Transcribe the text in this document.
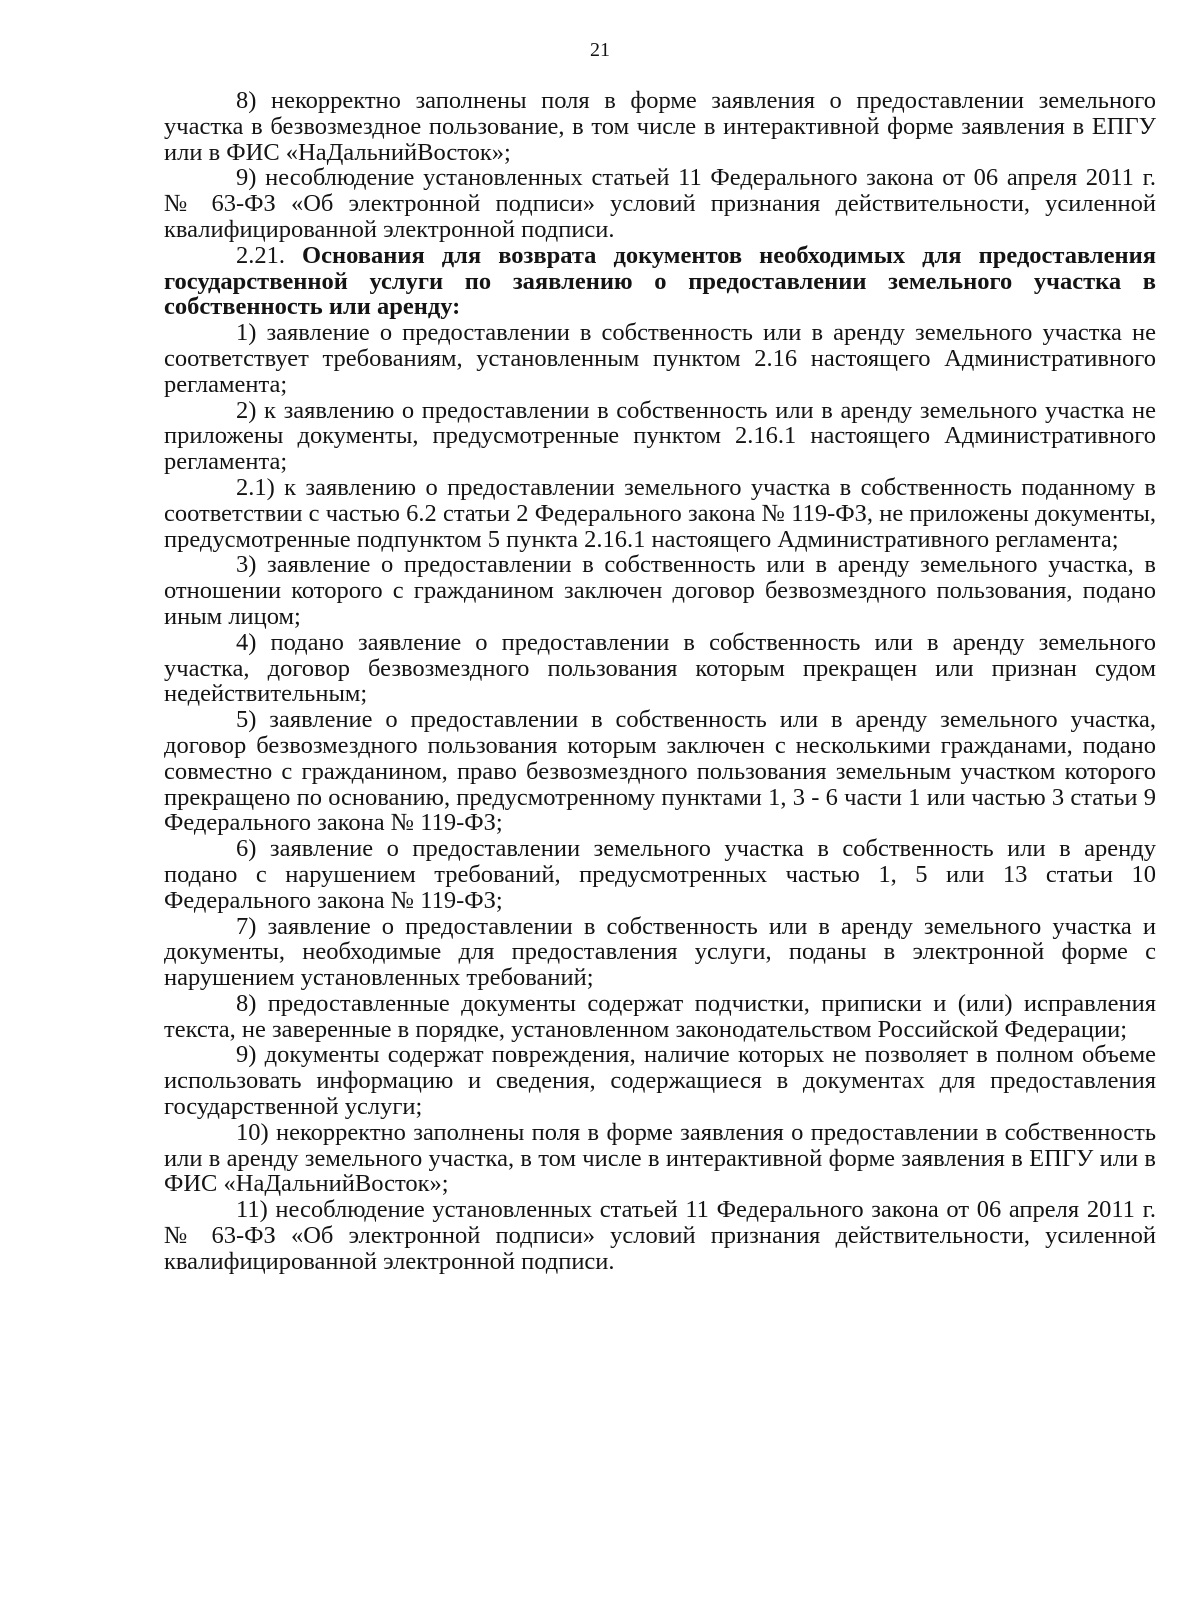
21

8) некорректно заполнены поля в форме заявления о предоставлении земельного участка в безвозмездное пользование, в том числе в интерактивной форме заявления в ЕПГУ или в ФИС «НаДальнийВосток»;

9) несоблюдение установленных статьей 11 Федерального закона от 06 апреля 2011 г. № 63-ФЗ «Об электронной подписи» условий признания действительности, усиленной квалифицированной электронной подписи.

2.21. Основания для возврата документов необходимых для предоставления государственной услуги по заявлению о предоставлении земельного участка в собственность или аренду:

1) заявление о предоставлении в собственность или в аренду земельного участка не соответствует требованиям, установленным пунктом 2.16 настоящего Административного регламента;

2) к заявлению о предоставлении в собственность или в аренду земельного участка не приложены документы, предусмотренные пунктом 2.16.1 настоящего Административного регламента;

2.1) к заявлению о предоставлении земельного участка в собственность поданному в соответствии с частью 6.2 статьи 2 Федерального закона № 119-ФЗ, не приложены документы, предусмотренные подпунктом 5 пункта 2.16.1 настоящего Административного регламента;

3) заявление о предоставлении в собственность или в аренду земельного участка, в отношении которого с гражданином заключен договор безвозмездного пользования, подано иным лицом;

4) подано заявление о предоставлении в собственность или в аренду земельного участка, договор безвозмездного пользования которым прекращен или признан судом недействительным;

5) заявление о предоставлении в собственность или в аренду земельного участка, договор безвозмездного пользования которым заключен с несколькими гражданами, подано совместно с гражданином, право безвозмездного пользования земельным участком которого прекращено по основанию, предусмотренному пунктами 1, 3 - 6 части 1 или частью 3 статьи 9 Федерального закона № 119-ФЗ;

6) заявление о предоставлении земельного участка в собственность или в аренду подано с нарушением требований, предусмотренных частью 1, 5 или 13 статьи 10 Федерального закона № 119-ФЗ;

7) заявление о предоставлении в собственность или в аренду земельного участка и документы, необходимые для предоставления услуги, поданы в электронной форме с нарушением установленных требований;

8) предоставленные документы содержат подчистки, приписки и (или) исправления текста, не заверенные в порядке, установленном законодательством Российской Федерации;

9) документы содержат повреждения, наличие которых не позволяет в полном объеме использовать информацию и сведения, содержащиеся в документах для предоставления государственной услуги;

10) некорректно заполнены поля в форме заявления о предоставлении в собственность или в аренду земельного участка, в том числе в интерактивной форме заявления в ЕПГУ или в ФИС «НаДальнийВосток»;

11) несоблюдение установленных статьей 11 Федерального закона от 06 апреля 2011 г. № 63-ФЗ «Об электронной подписи» условий признания действительности, усиленной квалифицированной электронной подписи.
